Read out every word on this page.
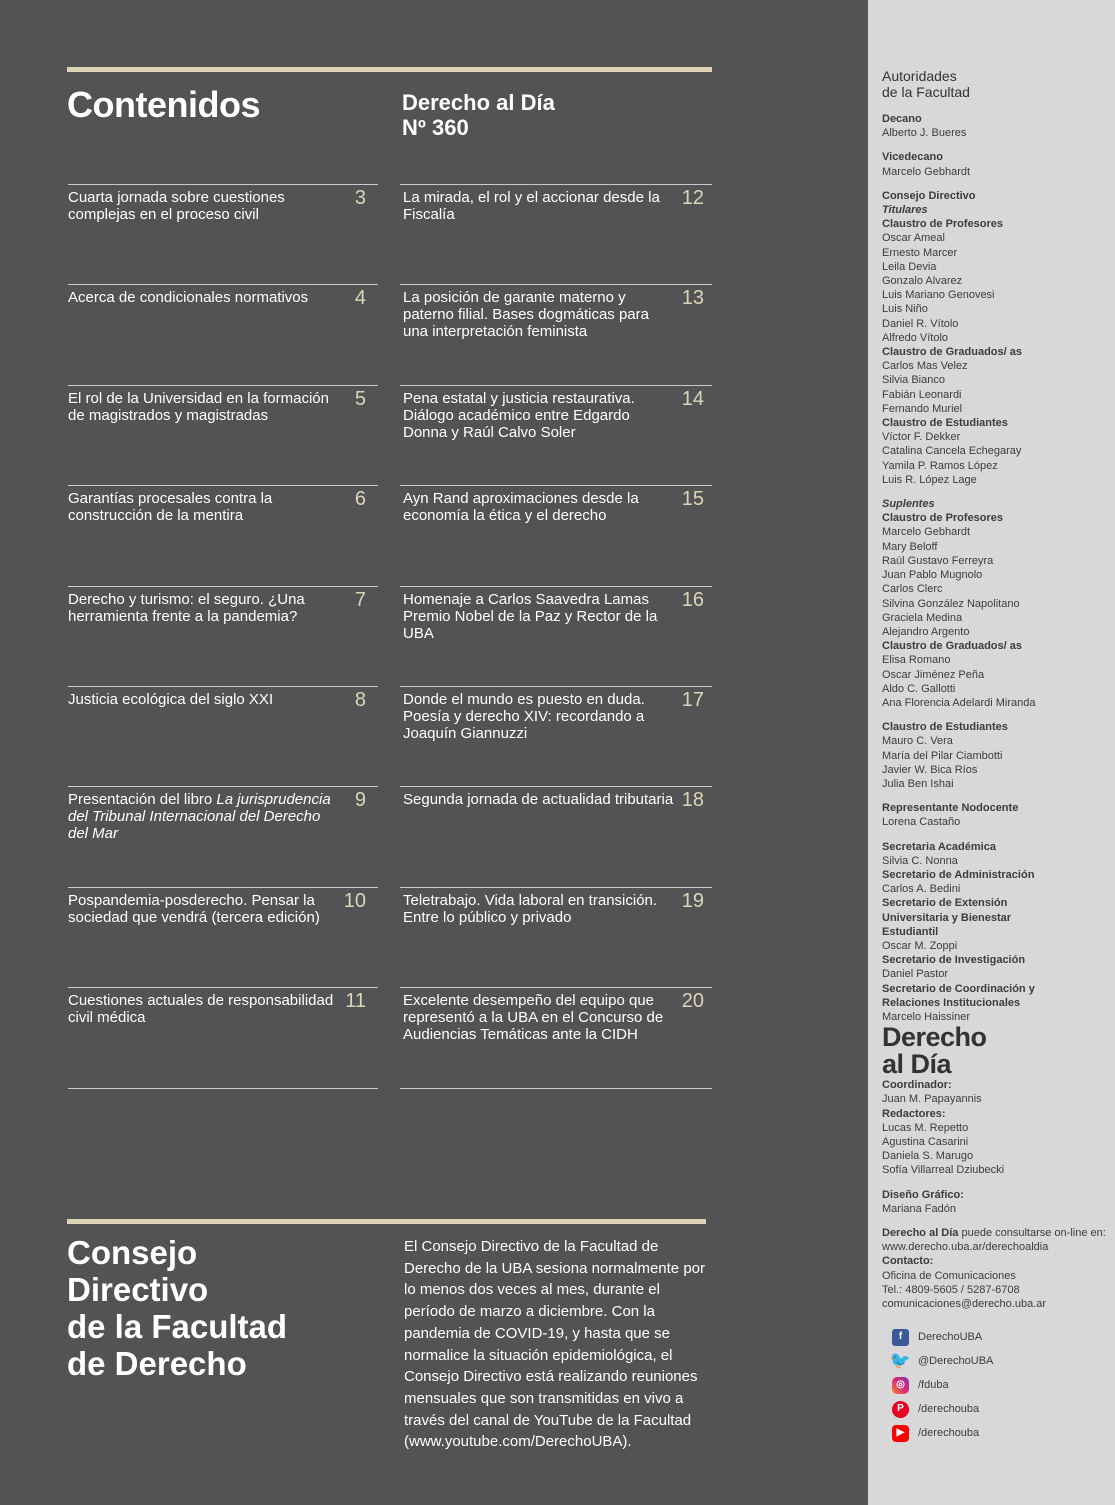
Contenidos	Derecho al Día
Nº 360
Cuarta jornada sobre cuestiones complejas en el proceso civil
3
Acerca de condicionales normativos	4
El rol de la Universidad en la formación de magistrados y magistradas
5
Garantías procesales contra la construcción de la mentira
6
Derecho y turismo: el seguro. ¿Una herramienta frente a la pandemia?
7
Justicia ecológica del siglo XXI	8
Presentación del libro La jurisprudencia del Tribunal Internacional del Derecho del Mar
9
Pospandemia-posderecho. Pensar la sociedad que vendrá (tercera edición)
10
Cuestiones actuales de responsabilidad civil médica
11
La mirada, el rol y el accionar desde la Fiscalía
12
La posición de garante materno y paterno filial. Bases dogmáticas para una interpretación feminista
13
Pena estatal y justicia restaurativa. Diálogo académico entre Edgardo Donna y Raúl Calvo Soler
14
Ayn Rand aproximaciones desde la economía la ética y el derecho
15
Homenaje a Carlos Saavedra Lamas Premio Nobel de la Paz y Rector de la UBA
16
Donde el mundo es puesto en duda. Poesía y derecho XIV: recordando a Joaquín Giannuzzi
17
Segunda jornada de actualidad tributaria 18
Teletrabajo. Vida laboral en transición. Entre lo público y privado
19
Excelente desempeño del equipo que representó a la UBA en el Concurso de Audiencias Temáticas ante la CIDH
20
Consejo
Directivo
de la Facultad
de Derecho

El Consejo Directivo de la Facultad de Derecho de la UBA sesiona normalmente por lo menos dos veces al mes, durante el período de marzo a diciembre. Con la pandemia de COVID-19, y hasta que se normalice la situación epidemiológica, el Consejo Directivo está realizando reuniones mensuales que son transmitidas en vivo a través del canal de YouTube de la Facultad (www.youtube.com/DerechoUBA).

Autoridades
de la Facultad
Decano
Alberto J. Bueres
Vicedecano
Marcelo Gebhardt
Consejo Directivo
Titulares
Claustro de Profesores
Oscar Ameal
Ernesto Marcer
Leila Devia
Gonzalo Alvarez
Luis Mariano Genovesi
Luis Niño
Daniel R. Vítolo
Alfredo Vítolo
Claustro de Graduados/ as
Carlos Mas Velez
Silvia Bianco
Fabián Leonardi
Fernando Muriel
Claustro de Estudiantes
Víctor F. Dekker
Catalina Cancela Echegaray
Yamila P. Ramos López
Luis R. López Lage
Suplentes
Claustro de Profesores
Marcelo Gebhardt
Mary Beloff
Raúl Gustavo Ferreyra
Juan Pablo Mugnolo
Carlos Clerc
Silvina González Napolitano
Graciela Medina
Alejandro Argento
Claustro de Graduados/ as
Elisa Romano
Oscar Jiménez Peña
Aldo C. Gallotti
Ana Florencia Adelardi Miranda
Claustro de Estudiantes
Mauro C. Vera
María del Pilar Ciambotti
Javier W. Bica Ríos
Julia Ben Ishai
Representante Nodocente
Lorena Castaño
Secretaria Académica
Silvia C. Nonna
Secretario de Administración
Carlos A. Bedini
Secretario de Extensión
Universitaria y Bienestar
Estudiantil
Oscar M. Zoppi
Secretario de Investigación
Daniel Pastor
Secretario de Coordinación y
Relaciones Institucionales
Marcelo Haissiner
Derecho
al Día
Coordinador:
Juan M. Papayannis
Redactores:
Lucas M. Repetto
Agustina Casarini
Daniela S. Marugo
Sofía Villarreal Dziubecki
Diseño Gráfico:
Mariana Fadón
Derecho al Día puede consultarse on-line en:
www.derecho.uba.ar/derechoaldia
Contacto:
Oficina de Comunicaciones
Tel.: 4809-5605 / 5287-6708
comunicaciones@derecho.uba.ar
f	DerechoUBA
🐦 @DerechoUBA
◎	/fduba
P	/derechouba
▶	/derechouba
